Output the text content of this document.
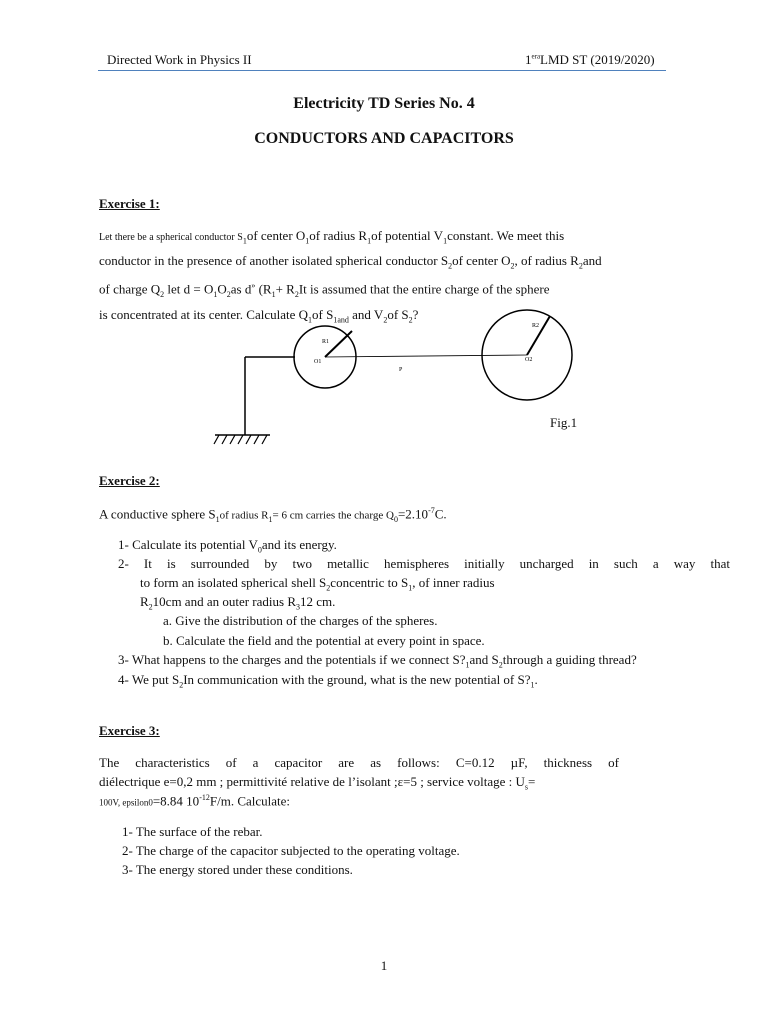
Directed Work in Physics II	$1^{era}LMD$ ST (2019/2020)
Electricity TD Series No. 4
CONDUCTORS AND CAPACITORS
Exercise 1:
Let there be a spherical conductor $S_1of$ center $O_1of$ radius $R_1of$ potential $V_1constant$. We meet this
conductor in the presence of another isolated spherical conductor $S_2of$ center $O_2$, of radius $R_2and$
of charge $Q_2$ let $d = O_1O_2as$ d» ($R_1+ R_2It$ is assumed that the entire charge of the sphere
is concentrated at its center. Calculate $Q_1of$ $S_{1and}$ and $V_2of$ $S_2$?
R1
O1
R2
O2
P
Fig.1
Exercise 2:
A conductive sphere $S_1of$ radius $R_1= 6$ cm carries the charge $Q_0=2.10^{-7}C$.
1- Calculate its potential $V_0and$ its energy.
2- It is surrounded by two metallic hemispheres initially uncharged in such a way that
to form an isolated spherical shell $S_2concentric$ to $S_1$, of inner radius
$R_210cm$ and an outer radius $R_312$ cm.
a. Give the distribution of the charges of the spheres.
b. Calculate the field and the potential at every point in space.
3- What happens to the charges and the potentials if we connect $S?_1and$ $S_2through$ a guiding thread?
4- We put $S_2In$ communication with the ground, what is the new potential of $S?_1$.
Exercise 3:
The characteristics of a capacitor are as follows: C=0.12 µF, thickness of
diélectrique e=0,2 mm ; permittivité relative de l’isolant ;ε=5 ; service voltage : $U_s=$
100V, epsilon0=8.84 $10^{-12}F/m$. Calculate:
1- The surface of the rebar.
2- The charge of the capacitor subjected to the operating voltage.
3- The energy stored under these conditions.
1
